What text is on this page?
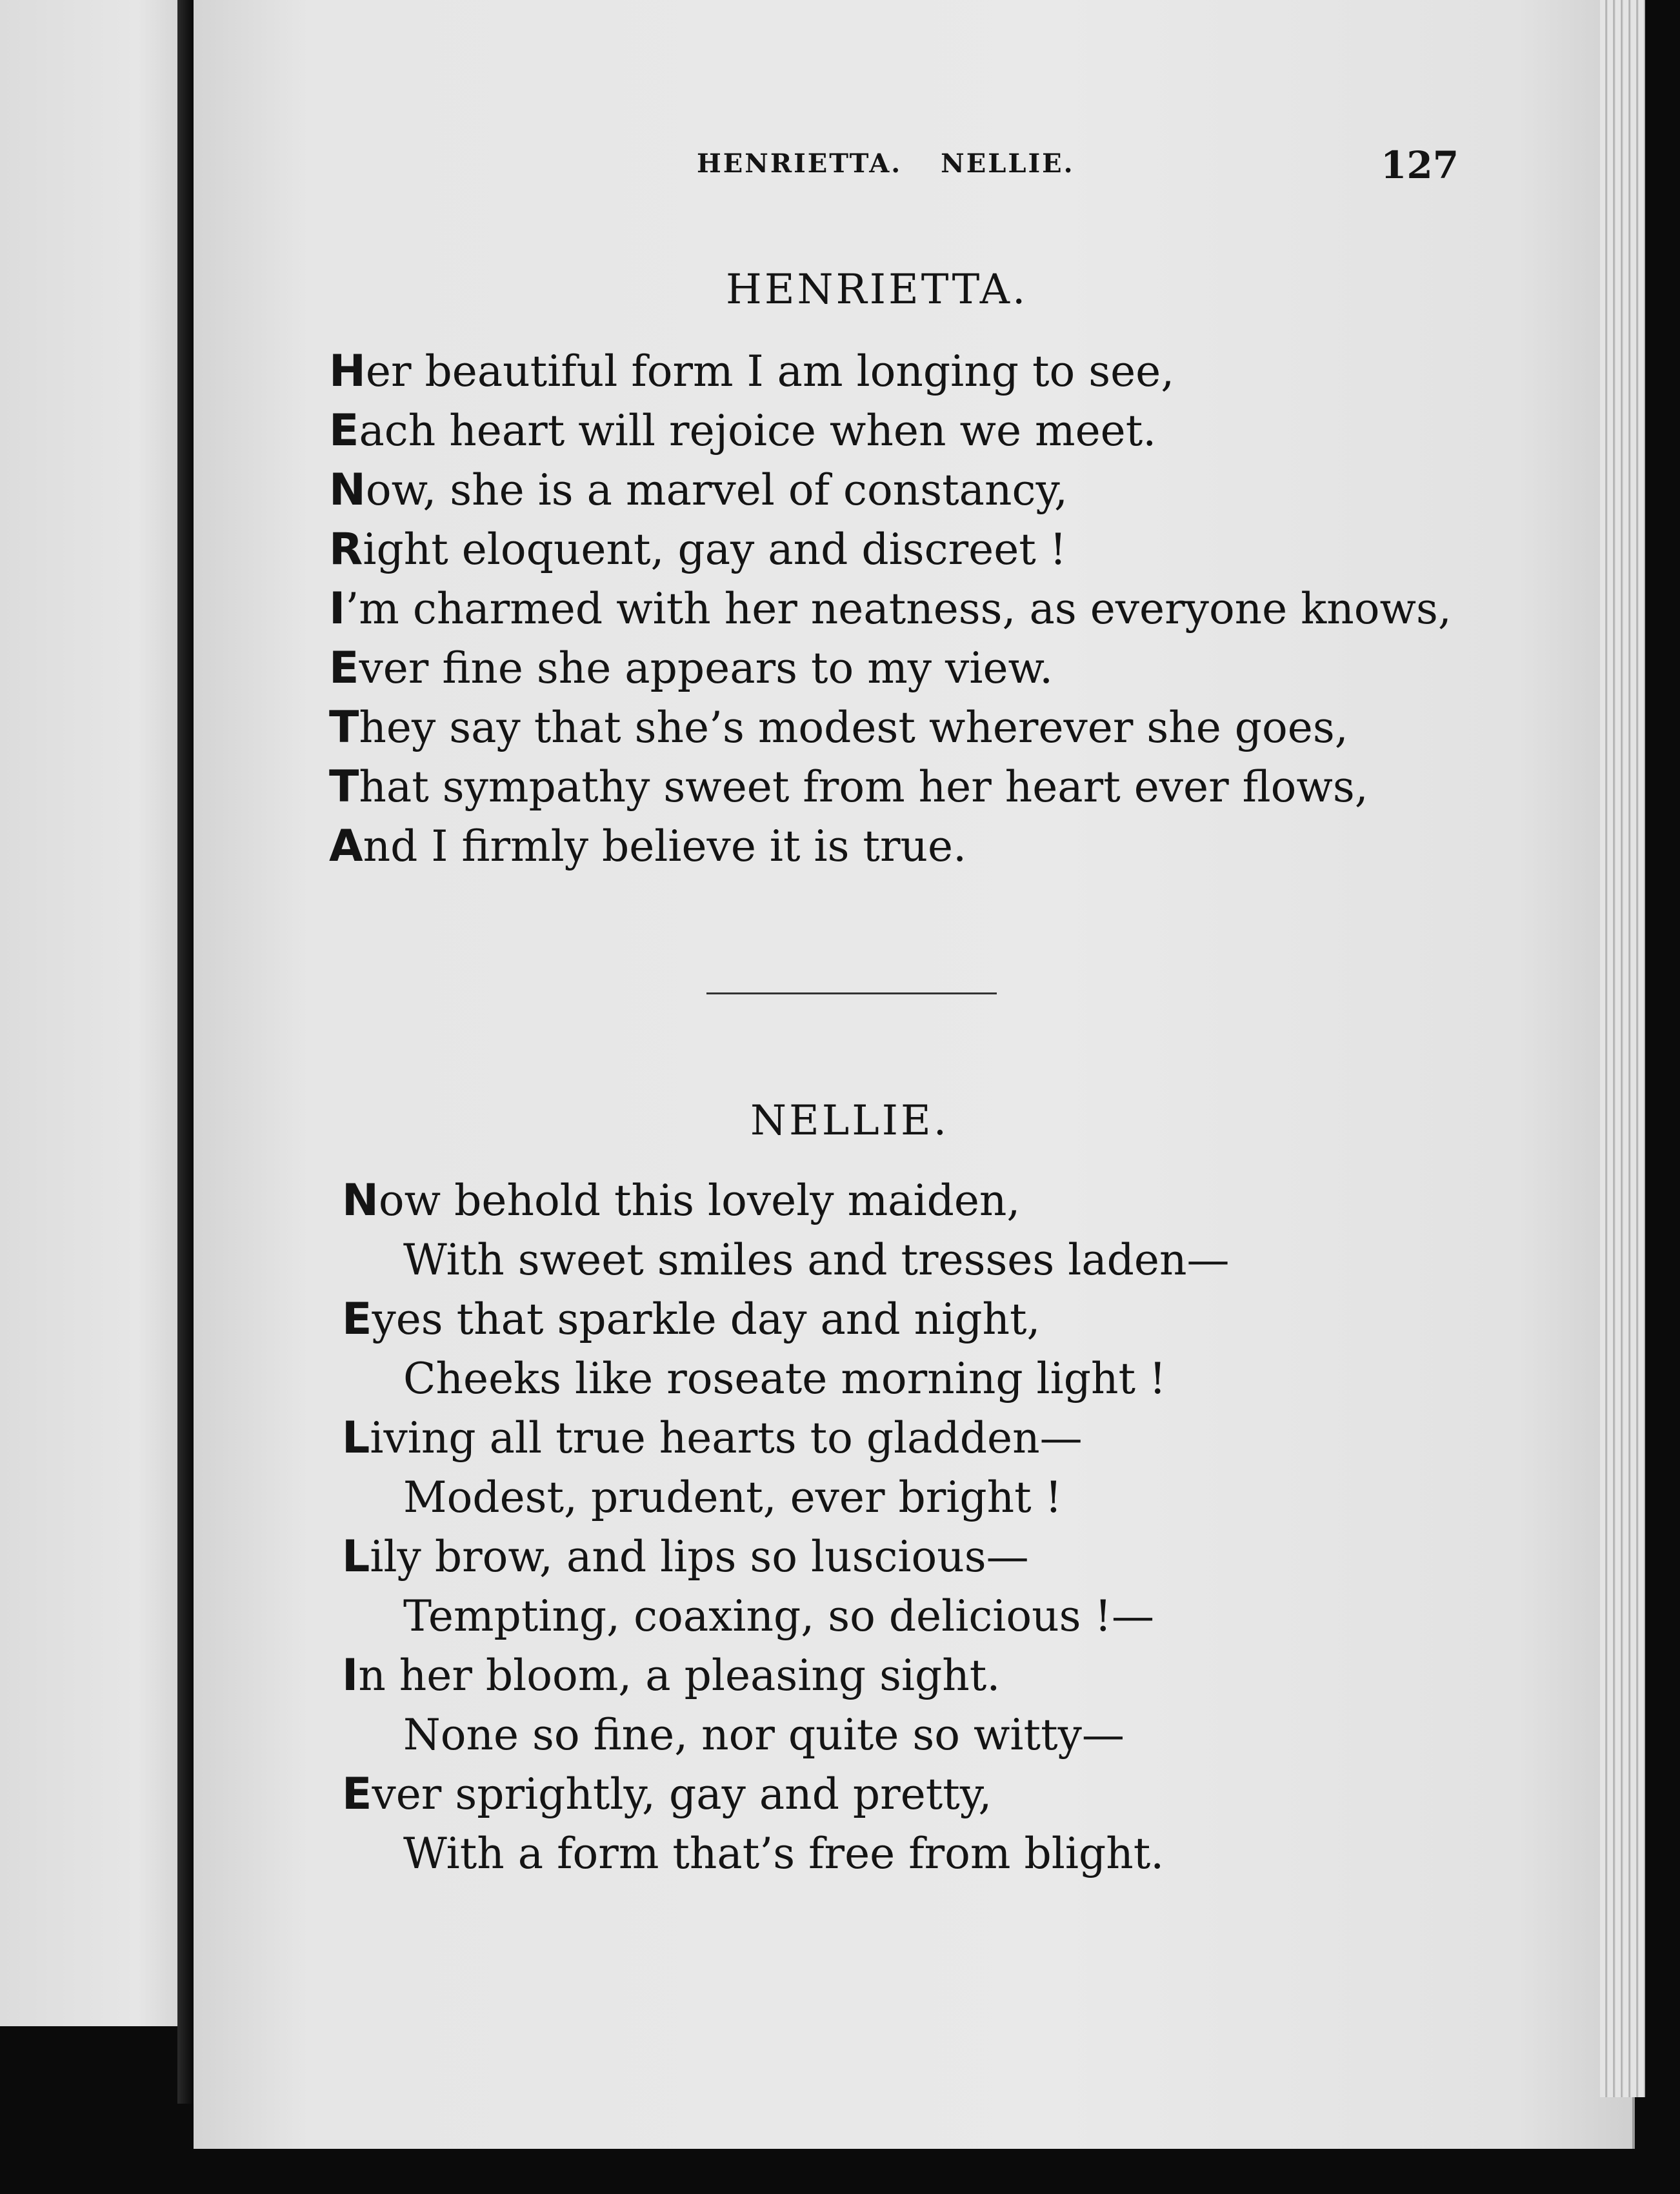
HENRIETTA. NELLIE.	127
HENRIETTA.
Her beautiful form I am longing to see,
Each heart will rejoice when we meet.
Now, she is a marvel of constancy,
Right eloquent, gay and discreet !
I’m charmed with her neatness, as everyone knows,
Ever fine she appears to my view.
They say that she’s modest wherever she goes,
That sympathy sweet from her heart ever flows,
And I firmly believe it is true.
NELLIE.
Now behold this lovely maiden,
With sweet smiles and tresses laden—
Eyes that sparkle day and night,
Cheeks like roseate morning light !
Living all true hearts to gladden—
Modest, prudent, ever bright !
Lily brow, and lips so luscious—
Tempting, coaxing, so delicious !—
In her bloom, a pleasing sight.
None so fine, nor quite so witty—
Ever sprightly, gay and pretty,
With a form that’s free from blight.
